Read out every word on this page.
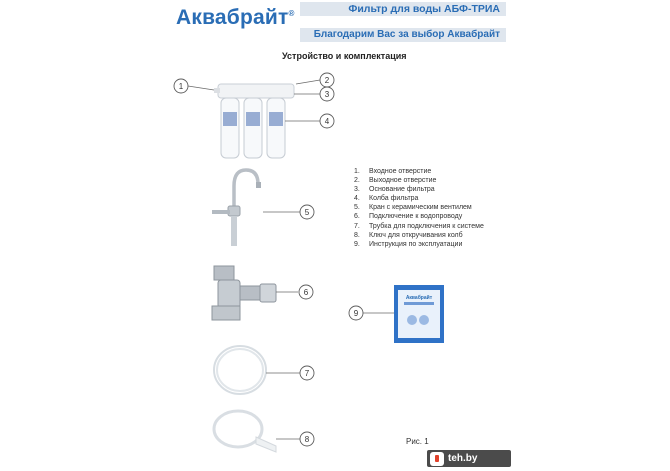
Аквабрайт®	Фильтр для воды АБФ-ТРИА
Благодарим Вас за выбор Аквабрайт
Устройство и комплектация
1
2
3
4
5
6
7
8
9
Аквабрайт
1.	Входное отверстие
2.	Выходное отверстие
3.	Основание фильтра
4.	Колба фильтра
5.	Кран с керамическим вентилем
6.	Подключение к водопроводу
7.	Трубка для подключения к системе
8.	Ключ для откручивания колб
9.	Инструкция по эксплуатации
Рис. 1
teh.by
